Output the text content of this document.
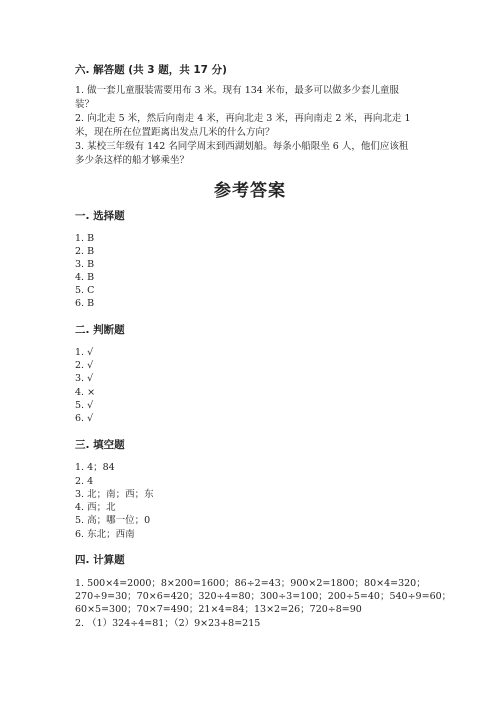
六. 解答题 (共 3 题，共 17 分)
1. 做一套儿童服装需要用布 3 米。现有 134 米布，最多可以做多少套儿童服
装？
2. 向北走 5 米，然后向南走 4 米，再向北走 3 米，再向南走 2 米，再向北走 1
米，现在所在位置距离出发点几米的什么方向？
3. 某校三年级有 142 名同学周末到西湖划船。每条小船限坐 6 人，他们应该租
多少条这样的船才够乘坐？
参考答案
一. 选择题
1. B
2. B
3. B
4. B
5. C
6. B
二. 判断题
1. √
2. √
3. √
4. ×
5. √
6. √
三. 填空题
1. 4；84
2. 4
3. 北；南；西；东
4. 西；北
5. 高；哪一位；0
6. 东北；西南
四. 计算题
1. 500×4=2000；8×200=1600；86÷2=43；900×2=1800；80×4=320；
270÷9=30；70×6=420；320÷4=80；300÷3=100；200÷5=40；540÷9=60；
60×5=300；70×7=490；21×4=84；13×2=26；720÷8=90
2. （1）324÷4=81；（2）9×23+8=215
